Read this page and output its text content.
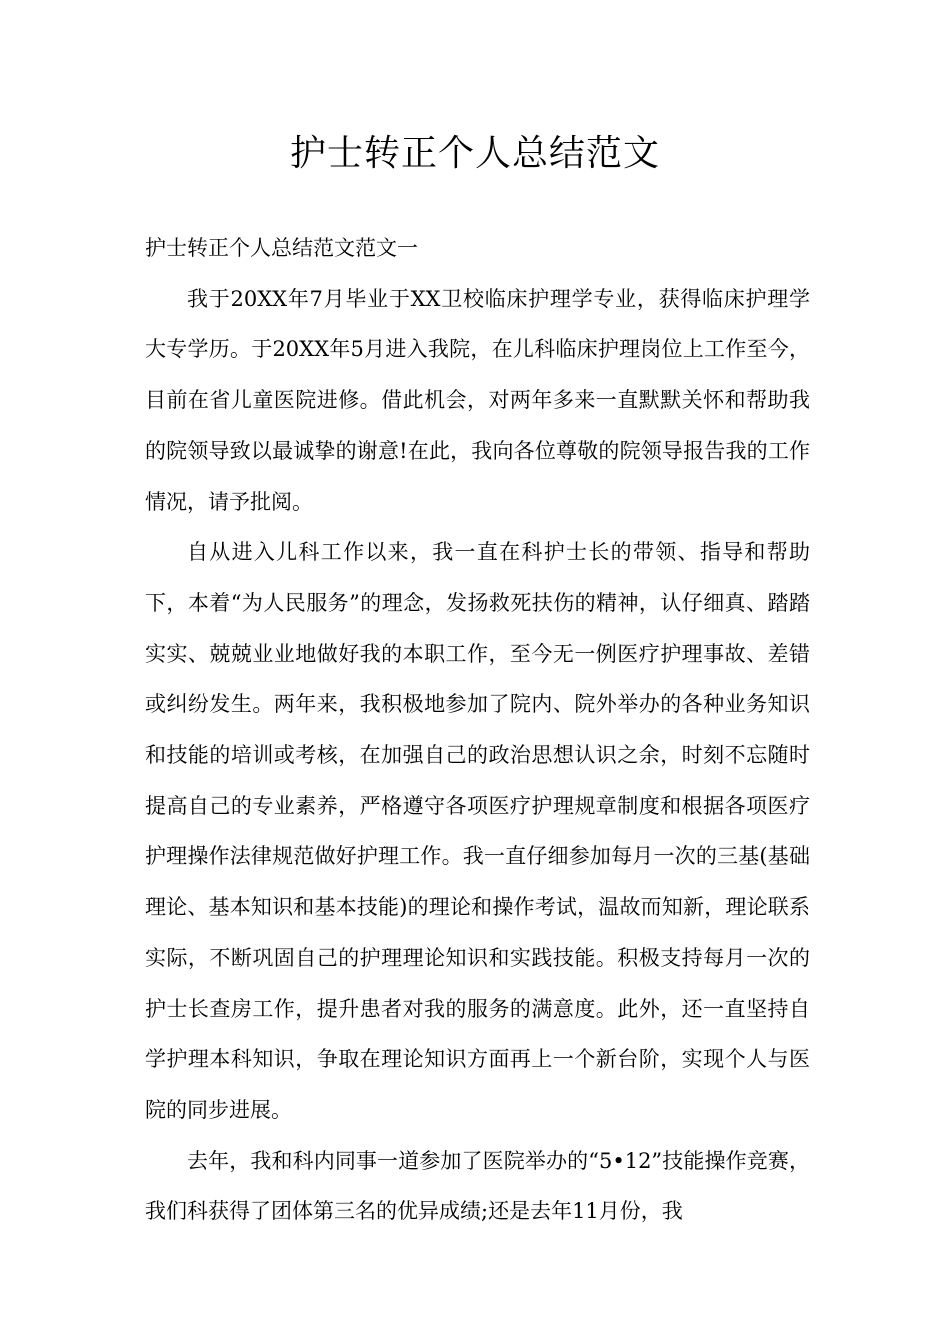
护士转正个人总结范文

护士转正个人总结范文范文一

我于20XX年7月毕业于XX卫校临床护理学专业，获得临床护理学大专学历。于20XX年5月进入我院，在儿科临床护理岗位上工作至今，目前在省儿童医院进修。借此机会，对两年多来一直默默关怀和帮助我的院领导致以最诚挚的谢意!在此，我向各位尊敬的院领导报告我的工作情况，请予批阅。

自从进入儿科工作以来，我一直在科护士长的带领、指导和帮助下，本着“为人民服务”的理念，发扬救死扶伤的精神，认仔细真、踏踏实实、兢兢业业地做好我的本职工作，至今无一例医疗护理事故、差错或纠纷发生。两年来，我积极地参加了院内、院外举办的各种业务知识和技能的培训或考核，在加强自己的政治思想认识之余，时刻不忘随时提高自己的专业素养，严格遵守各项医疗护理规章制度和根据各项医疗护理操作法律规范做好护理工作。我一直仔细参加每月一次的三基(基础理论、基本知识和基本技能)的理论和操作考试，温故而知新，理论联系实际，不断巩固自己的护理理论知识和实践技能。积极支持每月一次的护士长查房工作，提升患者对我的服务的满意度。此外，还一直坚持自学护理本科知识，争取在理论知识方面再上一个新台阶，实现个人与医院的同步进展。

去年，我和科内同事一道参加了医院举办的“5•12”技能操作竞赛，我们科获得了团体第三名的优异成绩;还是去年11月份，我
